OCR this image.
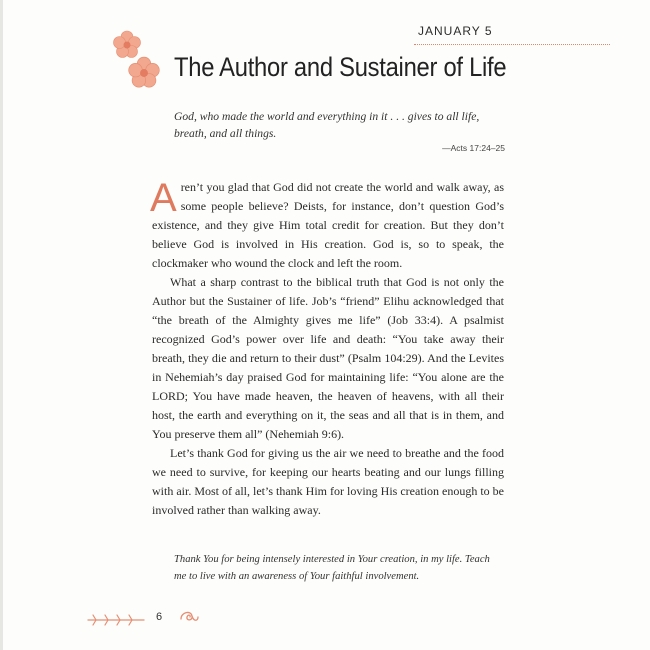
JANUARY 5
The Author and Sustainer of Life
God, who made the world and everything in it . . . gives to all life, breath, and all things.
—Acts 17:24–25

Aren’t you glad that God did not create the world and walk away, as some people believe? Deists, for instance, don’t question God’s existence, and they give Him total credit for creation. But they don’t believe God is involved in His creation. God is, so to speak, the clockmaker who wound the clock and left the room.

What a sharp contrast to the biblical truth that God is not only the Author but the Sustainer of life. Job’s “friend” Elihu acknowledged that “the breath of the Almighty gives me life” (Job 33:4). A psalmist recognized God’s power over life and death: “You take away their breath, they die and return to their dust” (Psalm 104:29). And the Levites in Nehemiah’s day praised God for maintaining life: “You alone are the LORD; You have made heaven, the heaven of heavens, with all their host, the earth and everything on it, the seas and all that is in them, and You preserve them all” (Nehemiah 9:6).

Let’s thank God for giving us the air we need to breathe and the food we need to survive, for keeping our hearts beating and our lungs filling with air. Most of all, let’s thank Him for loving His creation enough to be involved rather than walking away.

Thank You for being intensely interested in Your creation, in my life. Teach me to live with an awareness of Your faithful involvement.
6
